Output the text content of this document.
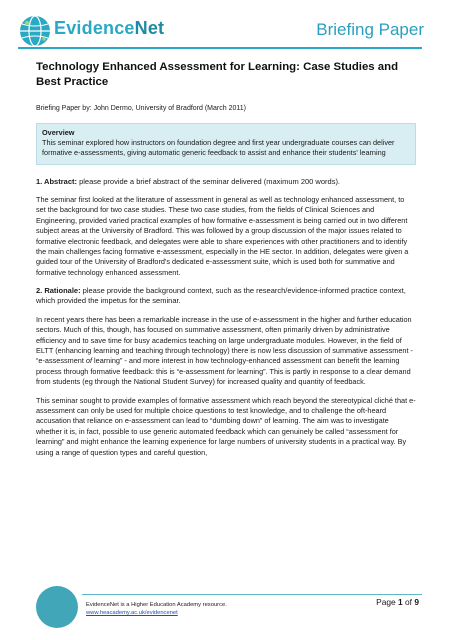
EvidenceNet	Briefing Paper
Technology Enhanced Assessment for Learning: Case Studies and Best Practice

Briefing Paper by: John Dermo, University of Bradford (March 2011)

Overview
This seminar explored how instructors on foundation degree and first year undergraduate courses can deliver formative e-assessments, giving automatic generic feedback to assist and enhance their students' learning

1. Abstract: please provide a brief abstract of the seminar delivered (maximum 200 words).

The seminar first looked at the literature of assessment in general as well as technology enhanced assessment, to set the background for two case studies. These two case studies, from the fields of Clinical Sciences and Engineering, provided varied practical examples of how formative e-assessment is being carried out in two different subject areas at the University of Bradford. This was followed by a group discussion of the major issues related to formative electronic feedback, and delegates were able to share experiences with other practitioners and to identify the main challenges facing formative e-assessment, especially in the HE sector. In addition, delegates were given a guided tour of the University of Bradford's dedicated e-assessment suite, which is used both for summative and formative technology enhanced assessment.

2. Rationale: please provide the background context, such as the research/evidence-informed practice context, which provided the impetus for the seminar.

In recent years there has been a remarkable increase in the use of e-assessment in the higher and further education sectors. Much of this, though, has focused on summative assessment, often primarily driven by administrative efficiency and to save time for busy academics teaching on large undergraduate modules. However, in the field of ELTT (enhancing learning and teaching through technology) there is now less discussion of summative assessment - “e-assessment of learning” - and more interest in how technology-enhanced assessment can benefit the learning process through formative feedback: this is “e-assessment for learning”. This is partly in response to a clear demand from students (eg through the National Student Survey) for increased quality and quantity of feedback.

This seminar sought to provide examples of formative assessment which reach beyond the stereotypical cliché that e-assessment can only be used for multiple choice questions to test knowledge, and to challenge the oft-heard accusation that reliance on e-assessment can lead to “dumbing down” of learning. The aim was to investigate whether it is, in fact, possible to use generic automated feedback which can genuinely be called “assessment for learning” and might enhance the learning experience for large numbers of university students in a practical way. By using a range of question types and careful question,

EvidenceNet is a Higher Education Academy resource.
www.heacademy.ac.uk/evidencenet
Page 1 of 9
